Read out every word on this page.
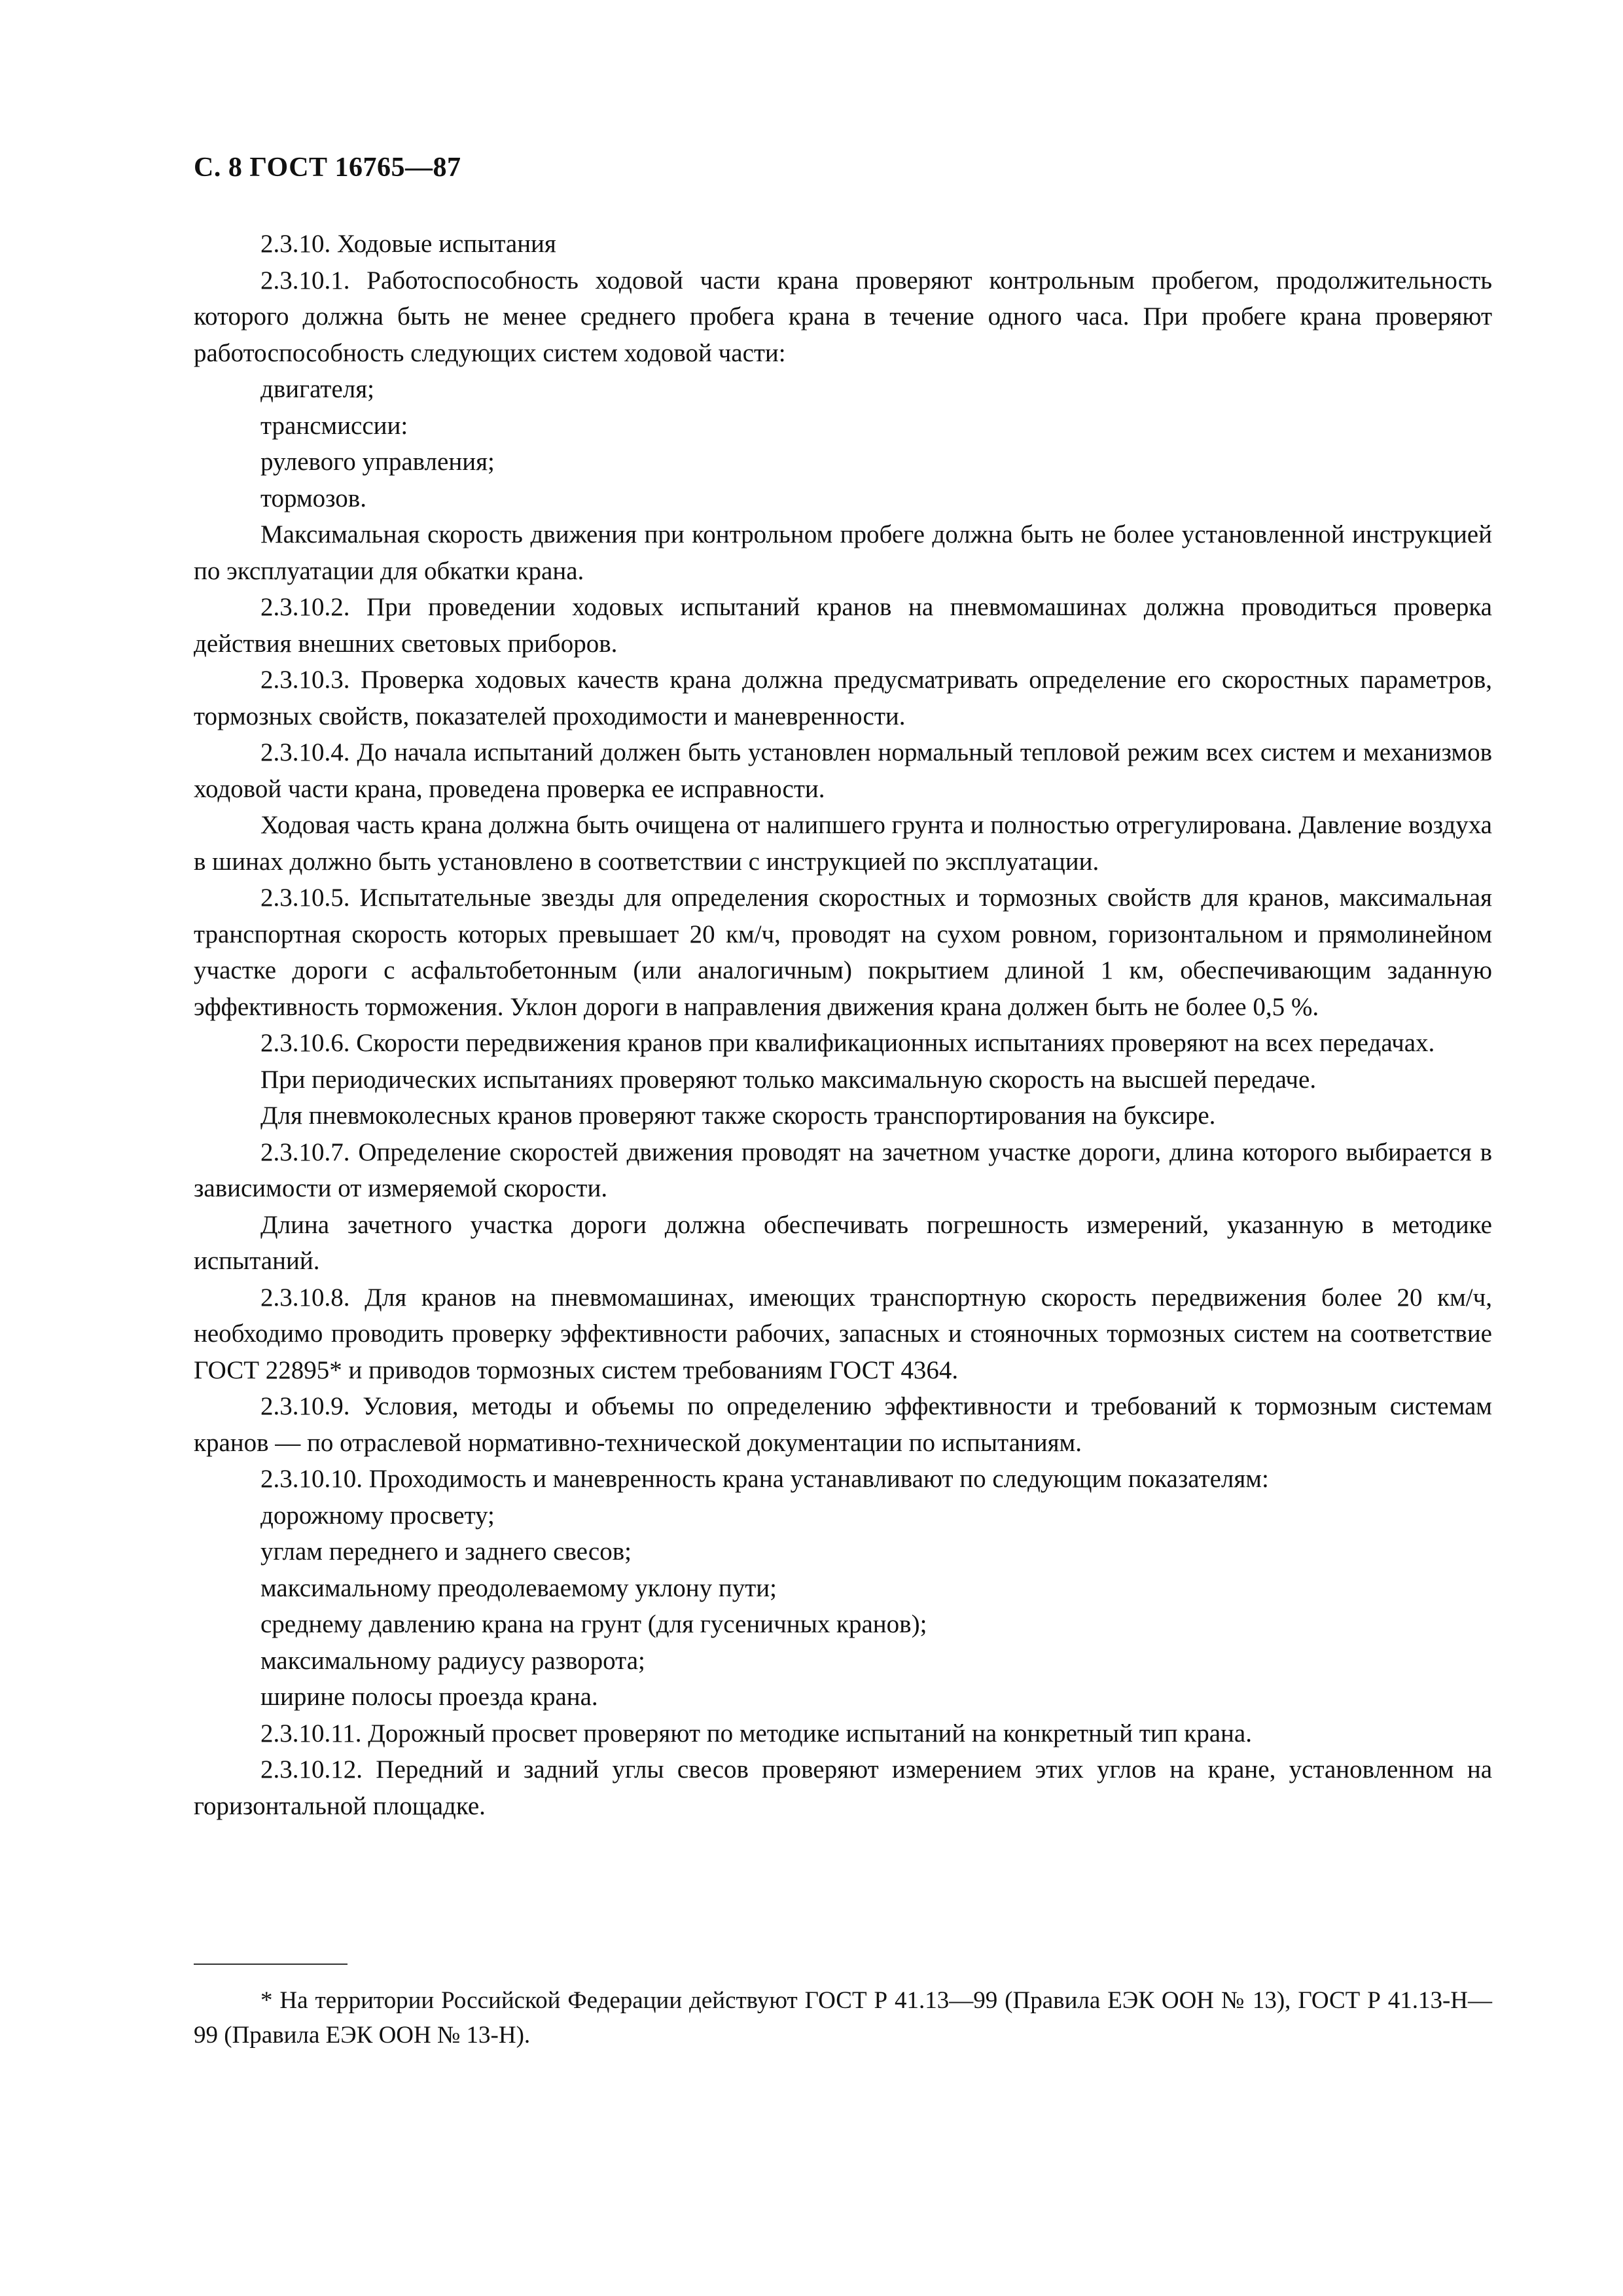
С. 8 ГОСТ 16765—87

2.3.10. Ходовые испытания

2.3.10.1. Работоспособность ходовой части крана проверяют контрольным пробегом, продолжительность которого должна быть не менее среднего пробега крана в течение одного часа. При пробеге крана проверяют работоспособность следующих систем ходовой части:

двигателя;

трансмиссии:

рулевого управления;

тормозов.

Максимальная скорость движения при контрольном пробеге должна быть не более установленной инструкцией по эксплуатации для обкатки крана.

2.3.10.2. При проведении ходовых испытаний кранов на пневмомашинах должна проводиться проверка действия внешних световых приборов.

2.3.10.3. Проверка ходовых качеств крана должна предусматривать определение его скоростных параметров, тормозных свойств, показателей проходимости и маневренности.

2.3.10.4. До начала испытаний должен быть установлен нормальный тепловой режим всех систем и механизмов ходовой части крана, проведена проверка ее исправности.

Ходовая часть крана должна быть очищена от налипшего грунта и полностью отрегулирована. Давление воздуха в шинах должно быть установлено в соответствии с инструкцией по эксплуатации.

2.3.10.5. Испытательные звезды для определения скоростных и тормозных свойств для кранов, максимальная транспортная скорость которых превышает 20 км/ч, проводят на сухом ровном, горизонтальном и прямолинейном участке дороги с асфальтобетонным (или аналогичным) покрытием длиной 1 км, обеспечивающим заданную эффективность торможения. Уклон дороги в направления движения крана должен быть не более 0,5 %.

2.3.10.6. Скорости передвижения кранов при квалификационных испытаниях проверяют на всех передачах.

При периодических испытаниях проверяют только максимальную скорость на высшей передаче.

Для пневмоколесных кранов проверяют также скорость транспортирования на буксире.

2.3.10.7. Определение скоростей движения проводят на зачетном участке дороги, длина которого выбирается в зависимости от измеряемой скорости.

Длина зачетного участка дороги должна обеспечивать погрешность измерений, указанную в методике испытаний.

2.3.10.8. Для кранов на пневмомашинах, имеющих транспортную скорость передвижения более 20 км/ч, необходимо проводить проверку эффективности рабочих, запасных и стояночных тормозных систем на соответствие ГОСТ 22895* и приводов тормозных систем требованиям ГОСТ 4364.

2.3.10.9. Условия, методы и объемы по определению эффективности и требований к тормозным системам кранов — по отраслевой нормативно-технической документации по испытаниям.

2.3.10.10. Проходимость и маневренность крана устанавливают по следующим показателям:

дорожному просвету;

углам переднего и заднего свесов;

максимальному преодолеваемому уклону пути;

среднему давлению крана на грунт (для гусеничных кранов);

максимальному радиусу разворота;

ширине полосы проезда крана.

2.3.10.11. Дорожный просвет проверяют по методике испытаний на конкретный тип крана.

2.3.10.12. Передний и задний углы свесов проверяют измерением этих углов на кране, установленном на горизонтальной площадке.

* На территории Российской Федерации действуют ГОСТ Р 41.13—99 (Правила ЕЭК ООН № 13), ГОСТ Р 41.13-Н—99 (Правила ЕЭК ООН № 13-Н).
